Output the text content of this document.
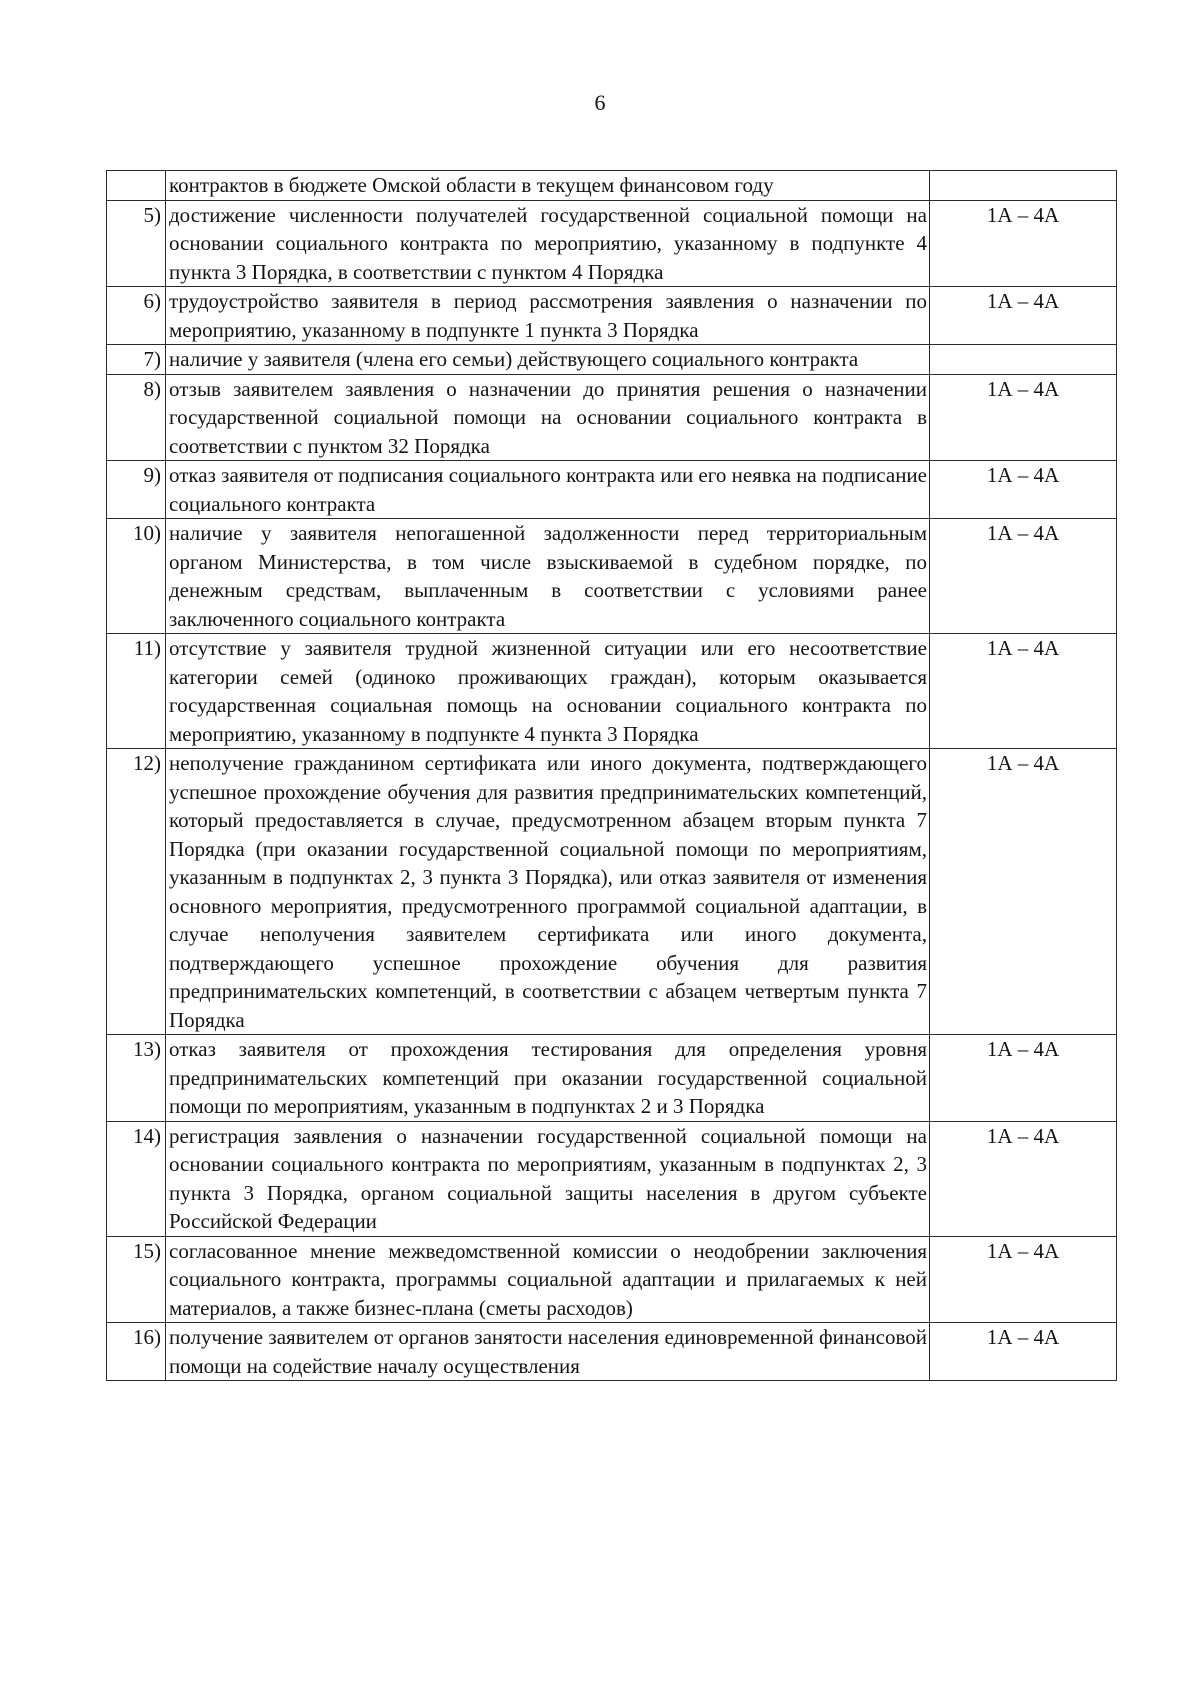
6
	контрактов в бюджете Омской области в текущем финансовом году	
5)	достижение численности получателей государственной социальной помощи на основании социального контракта по мероприятию, указанному в подпункте 4 пункта 3 Порядка, в соответствии с пунктом 4 Порядка	1А – 4А
6)	трудоустройство заявителя в период рассмотрения заявления о назначении по мероприятию, указанному в подпункте 1 пункта 3 Порядка	1А – 4А
7)	наличие у заявителя (члена его семьи) действующего социального контракта	
8)	отзыв заявителем заявления о назначении до принятия решения о назначении государственной социальной помощи на основании социального контракта в соответствии с пунктом 32 Порядка	1А – 4А
9)	отказ заявителя от подписания социального контракта или его неявка на подписание социального контракта	1А – 4А
10)	наличие у заявителя непогашенной задолженности перед территориальным органом Министерства, в том числе взыскиваемой в судебном порядке, по денежным средствам, выплаченным в соответствии с условиями ранее заключенного социального контракта	1А – 4А
11)	отсутствие у заявителя трудной жизненной ситуации или его несоответствие категории семей (одиноко проживающих граждан), которым оказывается государственная социальная помощь на основании социального контракта по мероприятию, указанному в подпункте 4 пункта 3 Порядка	1А – 4А
12)	неполучение гражданином сертификата или иного документа, подтверждающего успешное прохождение обучения для развития предпринимательских компетенций, который предоставляется в случае, предусмотренном абзацем вторым пункта 7 Порядка (при оказании государственной социальной помощи по мероприятиям, указанным в подпунктах 2, 3 пункта 3 Порядка), или отказ заявителя от изменения основного мероприятия, предусмотренного программой социальной адаптации, в случае неполучения заявителем сертификата или иного документа, подтверждающего успешное прохождение обучения для развития предпринимательских компетенций, в соответствии с абзацем четвертым пункта 7 Порядка	1А – 4А
13)	отказ заявителя от прохождения тестирования для определения уровня предпринимательских компетенций при оказании государственной социальной помощи по мероприятиям, указанным в подпунктах 2 и 3 Порядка	1А – 4А
14)	регистрация заявления о назначении государственной социальной помощи на основании социального контракта по мероприятиям, указанным в подпунктах 2, 3 пункта 3 Порядка, органом социальной защиты населения в другом субъекте Российской Федерации	1А – 4А
15)	согласованное мнение межведомственной комиссии о неодобрении заключения социального контракта, программы социальной адаптации и прилагаемых к ней материалов, а также бизнес-плана (сметы расходов)	1А – 4А
16)	получение заявителем от органов занятости населения единовременной финансовой помощи на содействие началу осуществления	1А – 4А
